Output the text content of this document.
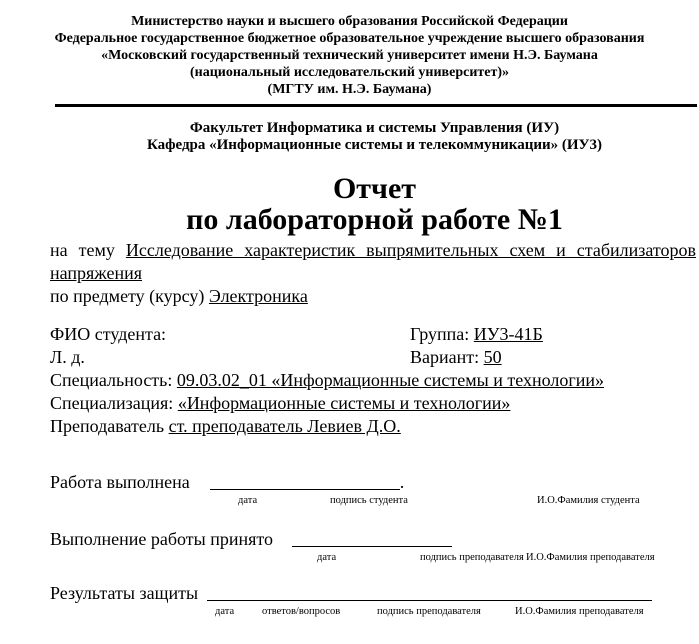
Министерство науки и высшего образования Российской Федерации
Федеральное государственное бюджетное образовательное учреждение высшего образования
«Московский государственный технический университет имени Н.Э. Баумана
(национальный исследовательский университет)»
(МГТУ им. Н.Э. Баумана)
Факультет Информатика и системы Управления (ИУ)
Кафедра «Информационные системы и телекоммуникации» (ИУ3)
Отчет
по лабораторной работе №1
на тему Исследование характеристик выпрямительных схем и стабилизаторов
напряжения
по предмету (курсу) Электроника
ФИО студента:	Группа: ИУ3-41Б
Л. д.	Вариант: 50
Специальность: 09.03.02_01 «Информационные системы и технологии»
Специализация: «Информационные системы и технологии»
Преподаватель ст. преподаватель Левиев Д.О.
Работа выполнена	.
дата	подпись студента	И.О.Фамилия студента
Выполнение работы принято
дата	подпись преподавателя И.О.Фамилия преподавателя
Результаты защиты
дата	ответов/вопросов	подпись преподавателя	И.О.Фамилия преподавателя
